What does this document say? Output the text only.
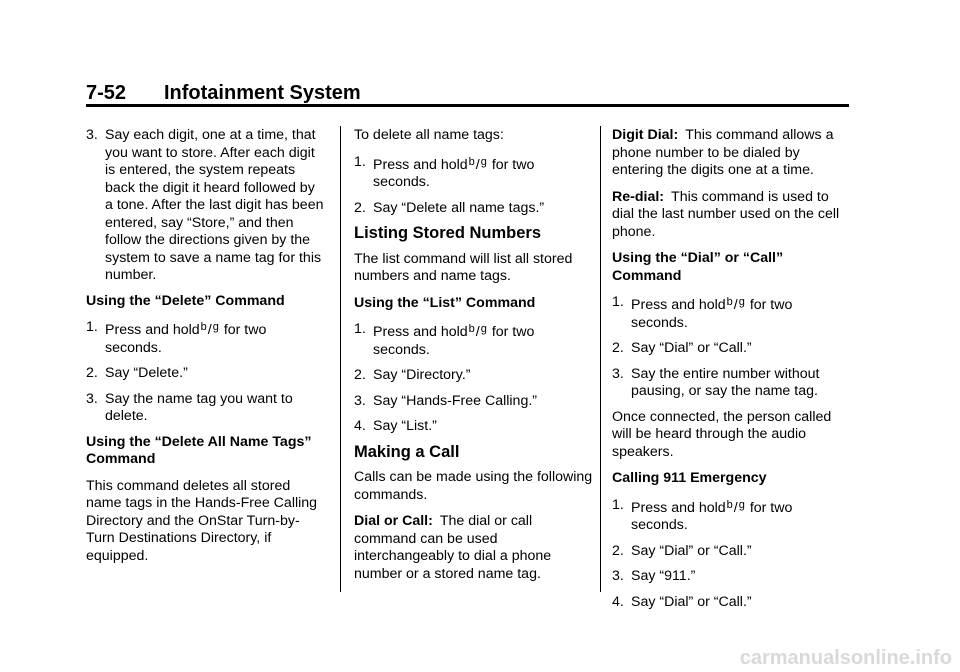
7-52 Infotainment System
3. Say each digit, one at a time, that you want to store. After each digit is entered, the system repeats back the digit it heard followed by a tone. After the last digit has been entered, say “Store,” and then follow the directions given by the system to save a name tag for this number.

Using the “Delete” Command

1. Press and holdb/g for two seconds.
2. Say “Delete.”
3. Say the name tag you want to delete.

Using the “Delete All Name Tags” Command

This command deletes all stored name tags in the Hands-Free Calling Directory and the OnStar Turn-by-Turn Destinations Directory, if equipped.

To delete all name tags:

1. Press and holdb/g for two seconds.
2. Say “Delete all name tags.”

Listing Stored Numbers

The list command will list all stored numbers and name tags.

Using the “List” Command

1. Press and holdb/g for two seconds.
2. Say “Directory.”
3. Say “Hands-Free Calling.”
4. Say “List.”

Making a Call

Calls can be made using the following commands.

Dial or Call: The dial or call command can be used interchangeably to dial a phone number or a stored name tag.

Digit Dial: This command allows a phone number to be dialed by entering the digits one at a time.

Re-dial: This command is used to dial the last number used on the cell phone.

Using the “Dial” or “Call” Command

1. Press and holdb/g for two seconds.
2. Say “Dial” or “Call.”
3. Say the entire number without pausing, or say the name tag.

Once connected, the person called will be heard through the audio speakers.

Calling 911 Emergency

1. Press and holdb/g for two seconds.
2. Say “Dial” or “Call.”
3. Say “911.”
4. Say “Dial” or “Call.”
carmanualsonline.info
